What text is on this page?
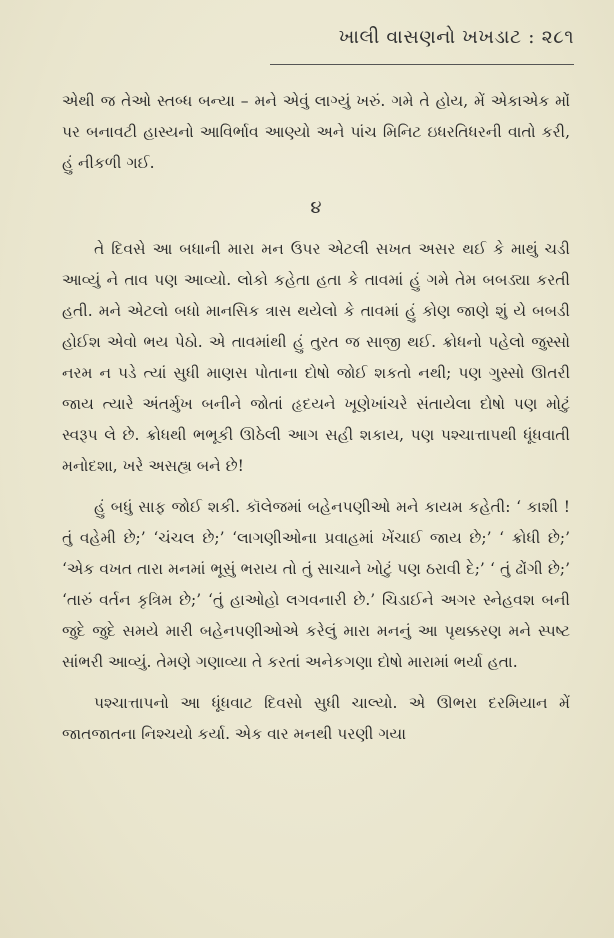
ખાલી વાસણનો ખખડાટ : ૨૮૧

એથી જ તેઓ સ્તબ્ધ બન્યા – મને એવું લાગ્યું ખરું. ગમે તે હોય, મેં એકાએક મોં પર બનાવટી હાસ્યનો આવિર્ભાવ આણ્યો અને પાંચ મિનિટ ઇધરતિધરની વાતો કરી, હું નીકળી ગઈ.

૪

તે દિવસે આ બધાની મારા મન ઉપર એટલી સખત અસર થઈ કે માથું ચડી આવ્યું ને તાવ પણ આવ્યો. લોકો કહેતા હતા કે તાવમાં હું ગમે તેમ બબડ્યા કરતી હતી. મને એટલો બધો માનસિક ત્રાસ થયેલો કે તાવમાં હું કોણ જાણે શું યે બબડી હોઈશ એવો ભય પેઠો. એ તાવમાંથી હું તુરત જ સાજી થઈ. ક્રોધનો પહેલો જુસ્સો નરમ ન પડે ત્યાં સુધી માણસ પોતાના દોષો જોઈ શકતો નથી; પણ ગુસ્સો ઊતરી જાય ત્યારે અંતર્મુખ બનીને જોતાં હૃદયને ખૂણેખાંચરે સંતાયેલા દોષો પણ મોટું સ્વરૂપ લે છે. ક્રોધથી ભભૂકી ઊઠેલી આગ સહી શકાય, પણ પશ્ચાત્તાપથી ધૂંધવાતી મનોદશા, ખરે અસહ્ય બને છે!

હું બધું સાફ જોઈ શકી. કૉલેજમાં બહેનપણીઓ મને કાયમ કહેતી: ‘ કાશી ! તું વહેમી છે;’ ‘ચંચલ છે;’ ‘લાગણીઓના પ્રવાહમાં ખેંચાઈ જાય છે;’ ‘ ક્રોધી છે;’ ‘એક વખત તારા મનમાં ભૂસું ભરાય તો તું સાચાને ખોટું પણ ઠરાવી દે;’ ‘ તું ઢોંગી છે;’ ‘તારું વર્તન કૃત્રિમ છે;’ ‘તું હાઓહો લગવનારી છે.’ ચિડાઈને અગર સ્નેહવશ બની જુદે જુદે સમયે મારી બહેનપણીઓએ કરેલું મારા મનનું આ પૃથક્કરણ મને સ્પષ્ટ સાંભરી આવ્યું. તેમણે ગણાવ્યા તે કરતાં અનેકગણા દોષો મારામાં ભર્યા હતા.

પશ્ચાત્તાપનો આ ધૂંધવાટ દિવસો સુધી ચાલ્યો. એ ઊભરા દરમિયાન મેં જાતજાતના નિશ્ચયો કર્યા. એક વાર મનથી પરણી ગયા
